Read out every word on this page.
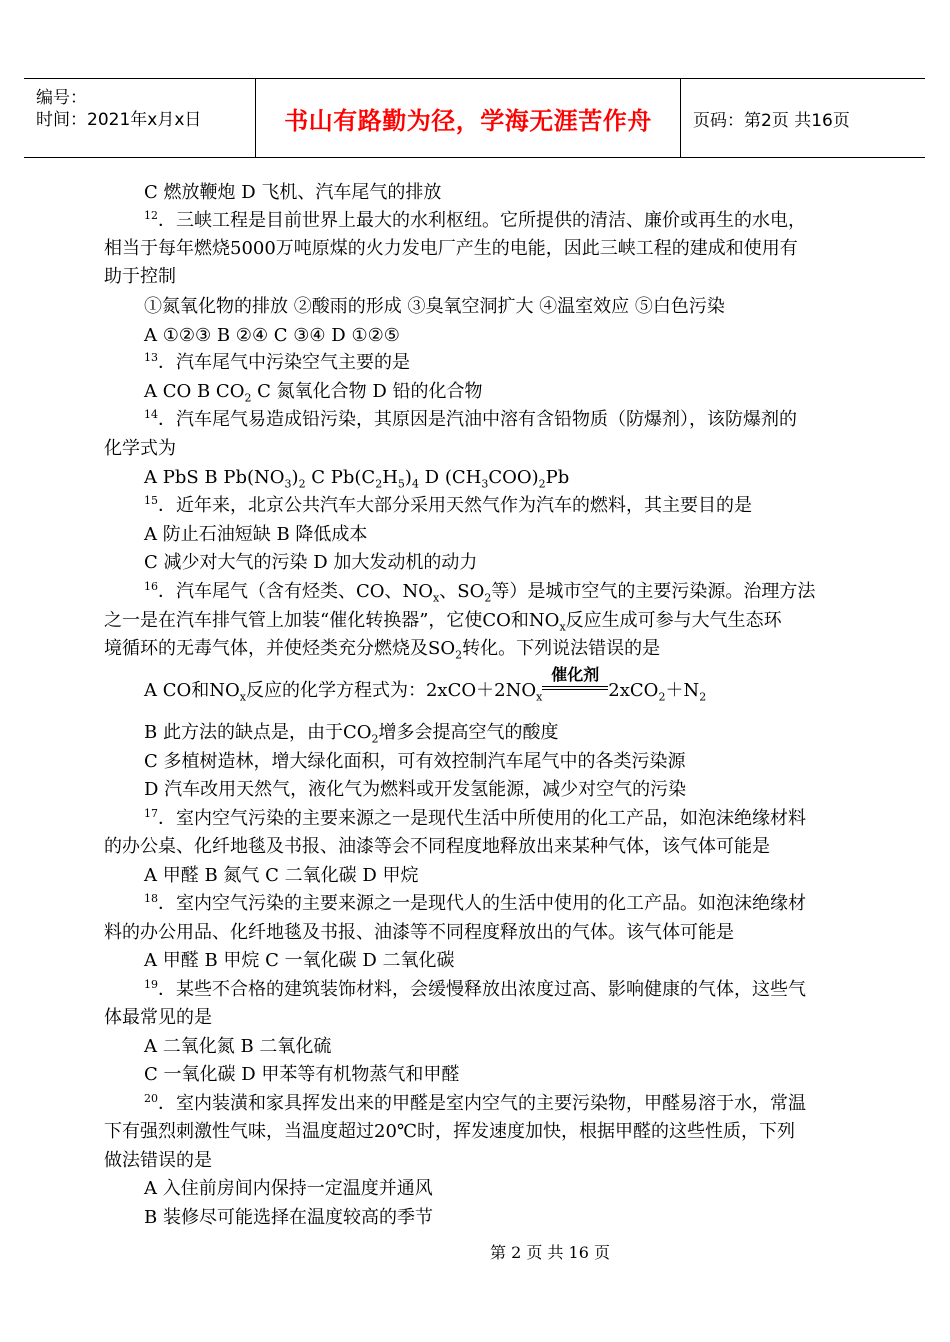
编号：
时间：2021年x月x日	书山有路勤为径，学海无涯苦作舟 页码：第2页 共16页
C 燃放鞭炮 D 飞机、汽车尾气的排放
$^{12}$．三峡工程是目前世界上最大的水利枢纽。它所提供的清洁、廉价或再生的水电，
相当于每年燃烧5000万吨原煤的火力发电厂产生的电能，因此三峡工程的建成和使用有
助于控制
①氮氧化物的排放 ②酸雨的形成 ③臭氧空洞扩大 ④温室效应 ⑤白色污染
A ①②③ B ②④ C ③④ D ①②⑤
$^{13}$．汽车尾气中污染空气主要的是
A CO B $CO_2$ C 氮氧化合物 D 铅的化合物
$^{14}$．汽车尾气易造成铅污染，其原因是汽油中溶有含铅物质（防爆剂），该防爆剂的
化学式为
A PbS B $Pb(NO_3)_2$ C $Pb(C_2H_5)_4$ D $(CH_3COO)_2Pb$
$^{15}$．近年来，北京公共汽车大部分采用天然气作为汽车的燃料，其主要目的是
A 防止石油短缺 B 降低成本
C 减少对大气的污染 D 加大发动机的动力
$^{16}$．汽车尾气（含有烃类、CO、$NO_x$、$SO_2$等）是城市空气的主要污染源。治理方法
之一是在汽车排气管上加装“催化转换器”，它使CO和$NO_x$反应生成可参与大气生态环
境循环的无毒气体，并使烃类充分燃烧及$SO_2$转化。下列说法错误的是
A CO和$NO_x$反应的化学方程式为：$2xCO+2NO_x$
催化剂
$2xCO_2+N_2$
B 此方法的缺点是，由于$CO_2$增多会提高空气的酸度
C 多植树造林，增大绿化面积，可有效控制汽车尾气中的各类污染源
D 汽车改用天然气，液化气为燃料或开发氢能源，减少对空气的污染
$^{17}$．室内空气污染的主要来源之一是现代生活中所使用的化工产品，如泡沫绝缘材料
的办公桌、化纤地毯及书报、油漆等会不同程度地释放出来某种气体，该气体可能是
A 甲醛 B 氮气 C 二氧化碳 D 甲烷
$^{18}$．室内空气污染的主要来源之一是现代人的生活中使用的化工产品。如泡沫绝缘材
料的办公用品、化纤地毯及书报、油漆等不同程度释放出的气体。该气体可能是
A 甲醛 B 甲烷 C 一氧化碳 D 二氧化碳
$^{19}$．某些不合格的建筑装饰材料，会缓慢释放出浓度过高、影响健康的气体，这些气
体最常见的是
A 二氧化氮 B 二氧化硫
C 一氧化碳 D 甲苯等有机物蒸气和甲醛
$^{20}$．室内装潢和家具挥发出来的甲醛是室内空气的主要污染物，甲醛易溶于水，常温
下有强烈刺激性气味，当温度超过20℃时，挥发速度加快，根据甲醛的这些性质，下列
做法错误的是
A 入住前房间内保持一定温度并通风
B 装修尽可能选择在温度较高的季节
第 2 页 共 16 页
